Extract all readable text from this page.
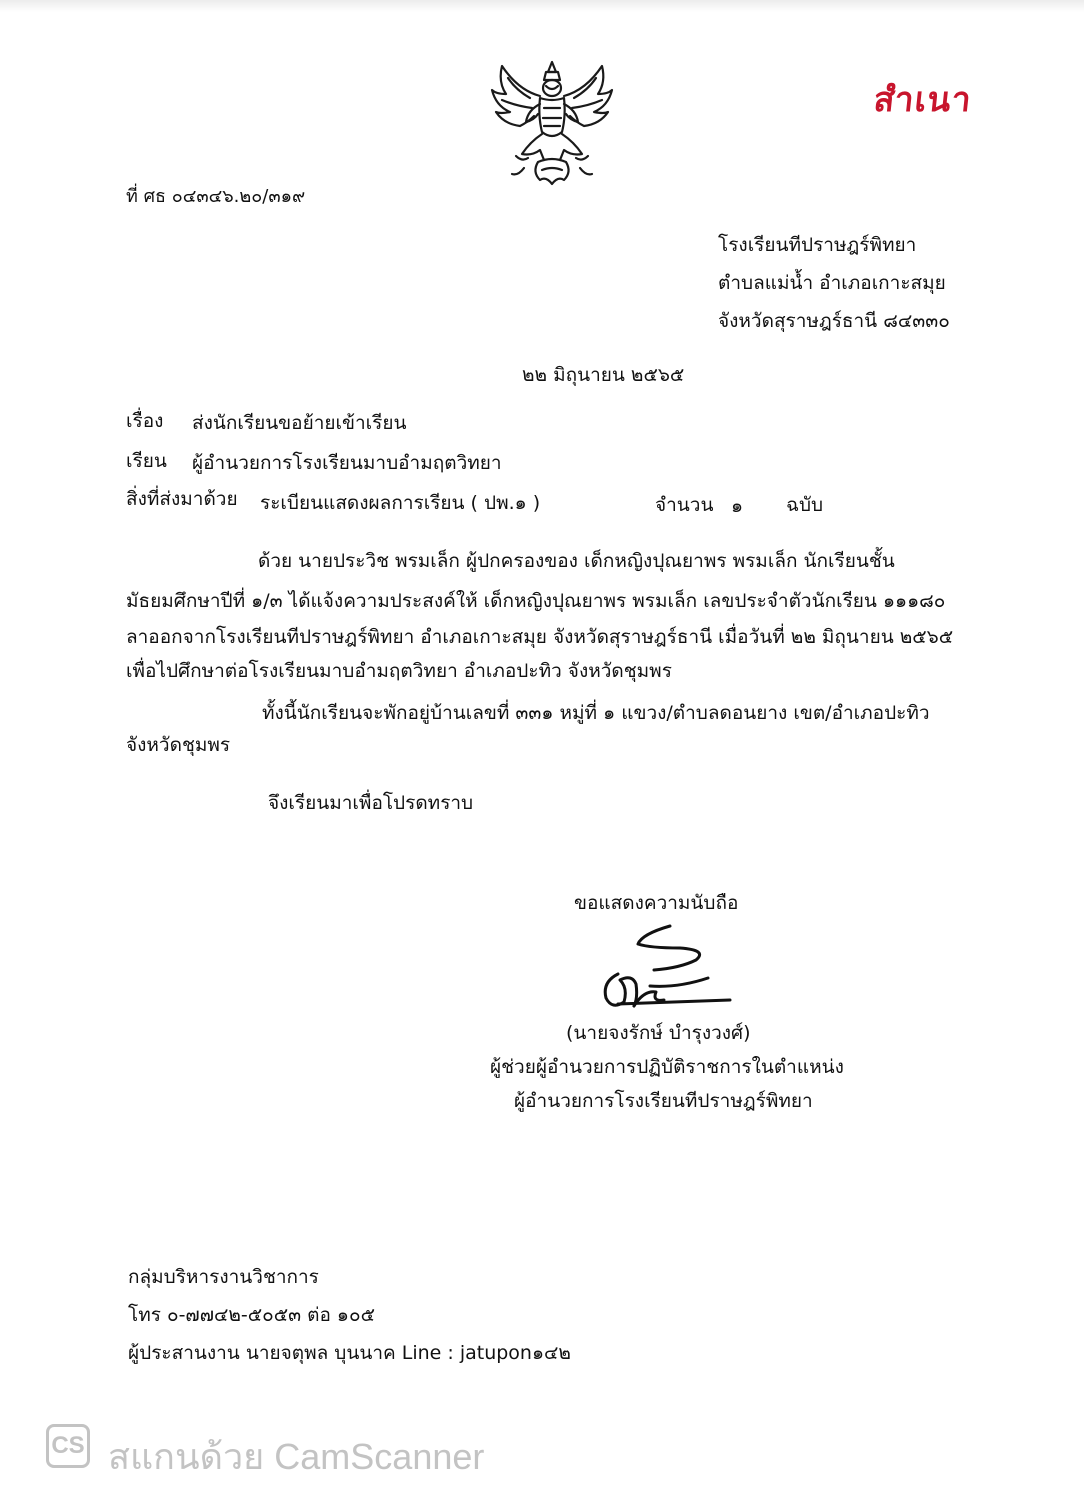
สำเนา
ที่ ศธ ๐๔๓๔๖.๒๐/๓๑๙
โรงเรียนทีปราษฎร์พิทยา
ตำบลแม่น้ำ อำเภอเกาะสมุย
จังหวัดสุราษฎร์ธานี ๘๔๓๓๐
๒๒ มิถุนายน ๒๕๖๕
เรื่อง ส่งนักเรียนขอย้ายเข้าเรียน
เรียน ผู้อำนวยการโรงเรียนมาบอำมฤตวิทยา
สิ่งที่ส่งมาด้วย ระเบียนแสดงผลการเรียน ( ปพ.๑ )	จำนวน ๑ ฉบับ
ด้วย นายประวิช พรมเล็ก ผู้ปกครองของ เด็กหญิงปุณยาพร พรมเล็ก นักเรียนชั้น
มัธยมศึกษาปีที่ ๑/๓ ได้แจ้งความประสงค์ให้ เด็กหญิงปุณยาพร พรมเล็ก เลขประจำตัวนักเรียน ๑๑๑๘๐
ลาออกจากโรงเรียนทีปราษฎร์พิทยา อำเภอเกาะสมุย จังหวัดสุราษฎร์ธานี เมื่อวันที่ ๒๒ มิถุนายน ๒๕๖๕
เพื่อไปศึกษาต่อโรงเรียนมาบอำมฤตวิทยา อำเภอปะทิว จังหวัดชุมพร
ทั้งนี้นักเรียนจะพักอยู่บ้านเลขที่ ๓๓๑ หมู่ที่ ๑ แขวง/ตำบลดอนยาง เขต/อำเภอปะทิว
จังหวัดชุมพร
จึงเรียนมาเพื่อโปรดทราบ
ขอแสดงความนับถือ
(นายจงรักษ์ บำรุงวงศ์)
ผู้ช่วยผู้อำนวยการปฏิบัติราชการในตำแหน่ง
ผู้อำนวยการโรงเรียนทีปราษฎร์พิทยา
กลุ่มบริหารงานวิชาการ
โทร ๐-๗๗๔๒-๕๐๕๓ ต่อ ๑๐๕
ผู้ประสานงาน นายจตุพล บุนนาค Line : jatupon๑๔๒
CS สแกนด้วย CamScanner
